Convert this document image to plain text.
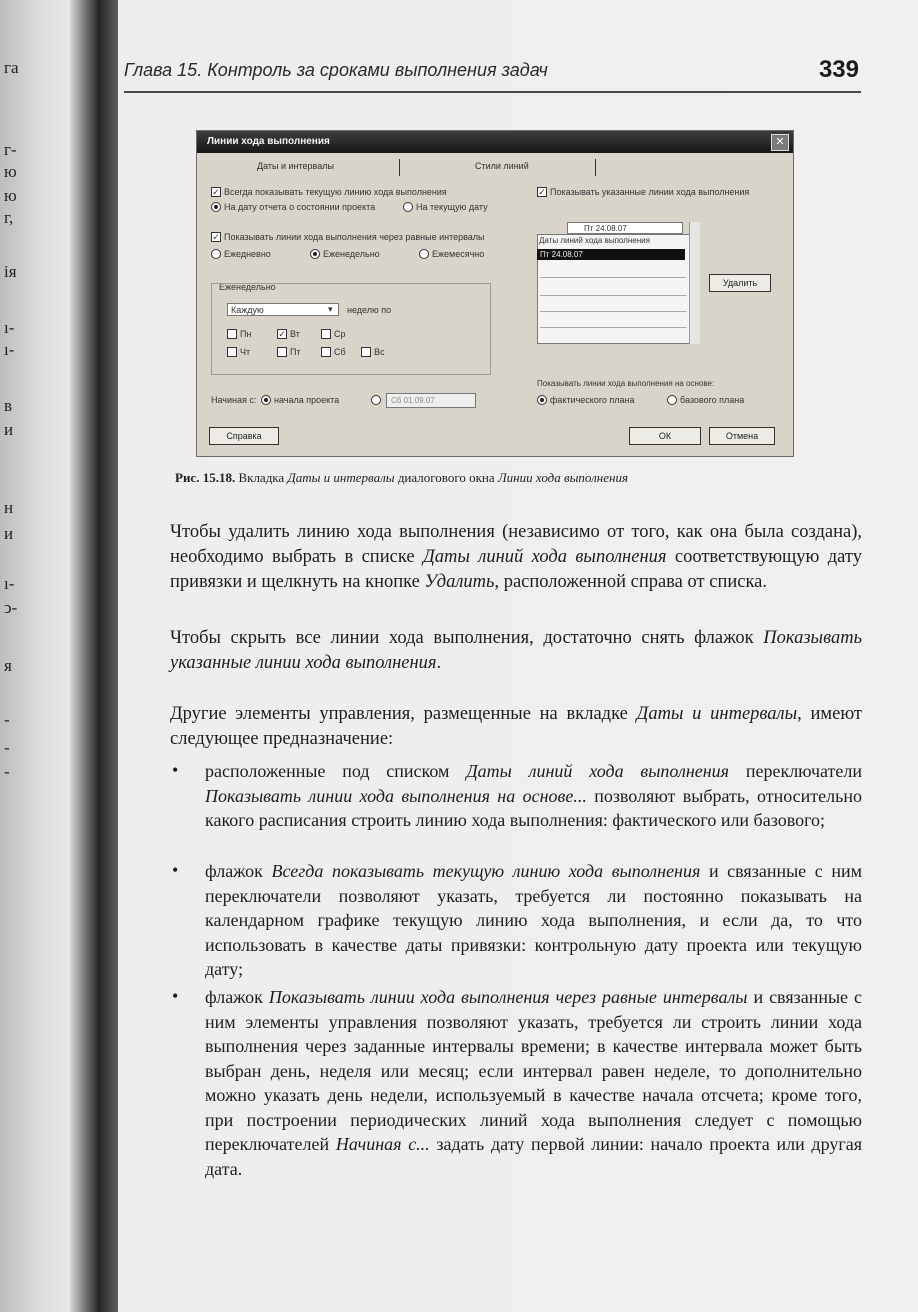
га
г-
ю
ю
г,
ія
ı-
ı-
в
и
н
и
ı-
ͻ-
я
-
-
-
Глава 15. Контроль за сроками выполнения задач	339
Линии хода выполнения	✕
Даты и интервалы	Стили линий
✓ Всегда показывать текущую линию хода выполнения
На дату отчета о состоянии проекта	На текущую дату
✓ Показывать линии хода выполнения через равные интервалы
Ежедневно	Еженедельно	Ежемесячно
Еженедельно
Каждую	▾ неделю по
Пн	✓ Вт	Ср
Чт	Пт	Сб	Вс
Начиная с: начала проекта	Сб 01.09.07
✓ Показывать указанные линии хода выполнения
Пт 24.08.07
Даты линий хода выполнения
Пт 24.08.07
Удалить
Показывать линии хода выполнения на основе:
фактического плана	базового плана
Справка	ОК	Отмена
Рис. 15.18. Вкладка Даты и интервалы диалогового окна Линии хода выполнения
Чтобы удалить линию хода выполнения (независимо от того, как она была создана), необходимо выбрать в списке Даты линий хода выполнения соответствующую дату привязки и щелкнуть на кнопке Удалить, расположенной справа от списка.
Чтобы скрыть все линии хода выполнения, достаточно снять флажок Показывать указанные линии хода выполнения.
Другие элементы управления, размещенные на вкладке Даты и интервалы, имеют следующее предназначение:
• расположенные под списком Даты линий хода выполнения переключатели Показывать линии хода выполнения на основе... позволяют выбрать, относительно какого расписания строить линию хода выполнения: фактического или базового;
• флажок Всегда показывать текущую линию хода выполнения и связанные с ним переключатели позволяют указать, требуется ли постоянно показывать на календарном графике текущую линию хода выполнения, и если да, то что использовать в качестве даты привязки: контрольную дату проекта или текущую дату;
• флажок Показывать линии хода выполнения через равные интервалы и связанные с ним элементы управления позволяют указать, требуется ли строить линии хода выполнения через заданные интервалы времени; в качестве интервала может быть выбран день, неделя или месяц; если интервал равен неделе, то дополнительно можно указать день недели, используемый в качестве начала отсчета; кроме того, при построении периодических линий хода выполнения следует с помощью переключателей Начиная с... задать дату первой линии: начало проекта или другая дата.
